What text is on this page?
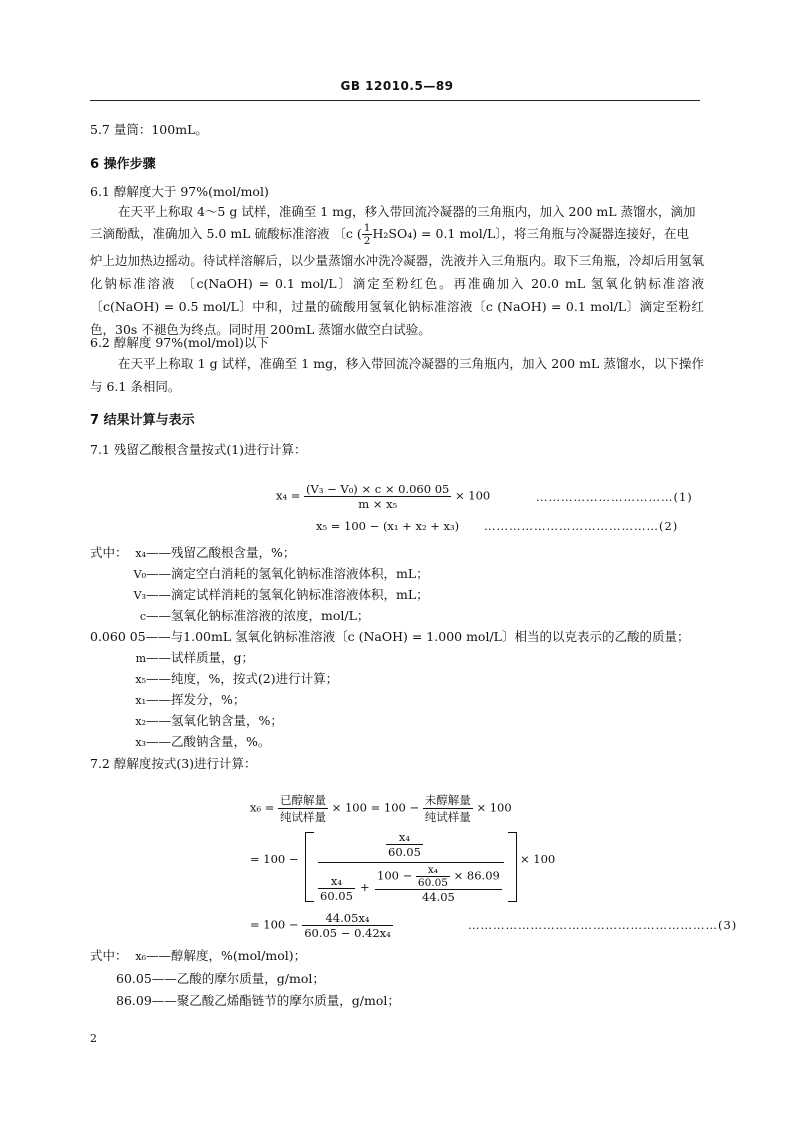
GB 12010.5—89
5.7 量筒：100mL。
6 操作步骤
6.1 醇解度大于 97%(mol/mol)
在天平上称取 4～5 g 试样，准确至 1 mg，移入带回流冷凝器的三角瓶内，加入 200 mL 蒸馏水，滴加
三滴酚酞，准确加入 5.0 mL 硫酸标准溶液 〔c ( $\frac{1}{2} H_2SO_4) = 0.1$ mol/L〕，将三角瓶与冷凝器连接好，在电
炉上边加热边摇动。待试样溶解后，以少量蒸馏水冲洗冷凝器，洗液并入三角瓶内。取下三角瓶，冷却后用氢氧化钠标准溶液 〔c(NaOH) = 0.1 mol/L〕滴定至粉红色。再准确加入 20.0 mL 氢氧化钠标准溶液〔c(NaOH) = 0.5 mol/L〕中和，过量的硫酸用氢氧化钠标准溶液〔c (NaOH) = 0.1 mol/L〕滴定至粉红色，30s 不褪色为终点。同时用 200mL 蒸馏水做空白试验。
6.2 醇解度 97%(mol/mol)以下
在天平上称取 1 g 试样，准确至 1 mg，移入带回流冷凝器的三角瓶内，加入 200 mL 蒸馏水，以下操作与 6.1 条相同。
7 结果计算与表示
7.1 残留乙酸根含量按式(1)进行计算：
$x_4 = \frac{\text{(V₃ − V₀) × c × 0.060 05}}{\text{m × x₅}} \times 100$	……………………………(1)
x₅ = 100 − (x₁ + x₂ + x₃) ……………………………………(2)
式中： x₄——残留乙酸根含量，%；
V₀——滴定空白消耗的氢氧化钠标准溶液体积，mL；
V₃——滴定试样消耗的氢氧化钠标准溶液体积，mL；
c——氢氧化钠标准溶液的浓度，mol/L；
0.060 05——与1.00mL 氢氧化钠标准溶液〔c (NaOH) = 1.000 mol/L〕相当的以克表示的乙酸的质量；
m——试样质量，g；
x₅——纯度，%，按式(2)进行计算；
x₁——挥发分，%；
x₂——氢氧化钠含量，%；
x₃——乙酸钠含量，%。
7.2 醇解度按式(3)进行计算：
$x_6 = \frac{\text{已醇解量}}{\text{纯试样量}} \times 100 = 100 - \frac{\text{未醇解量}}{\text{纯试样量}} \times 100$
= 100 −	$\frac{\text{x₄}}{60.05}$
$\frac{\text{x₄}}{60.05} + \frac{100 - \frac{\text{x₄}}{60.05} \times 86.09}{44.05}$
× 100
= $100 - \frac{\text{44.05x₄}}{\text{60.05 − 0.42x₄}}$	……………………………………………………(3)
式中： x₆——醇解度，%(mol/mol)；
60.05——乙酸的摩尔质量，g/mol；
86.09——聚乙酸乙烯酯链节的摩尔质量，g/mol；
2
